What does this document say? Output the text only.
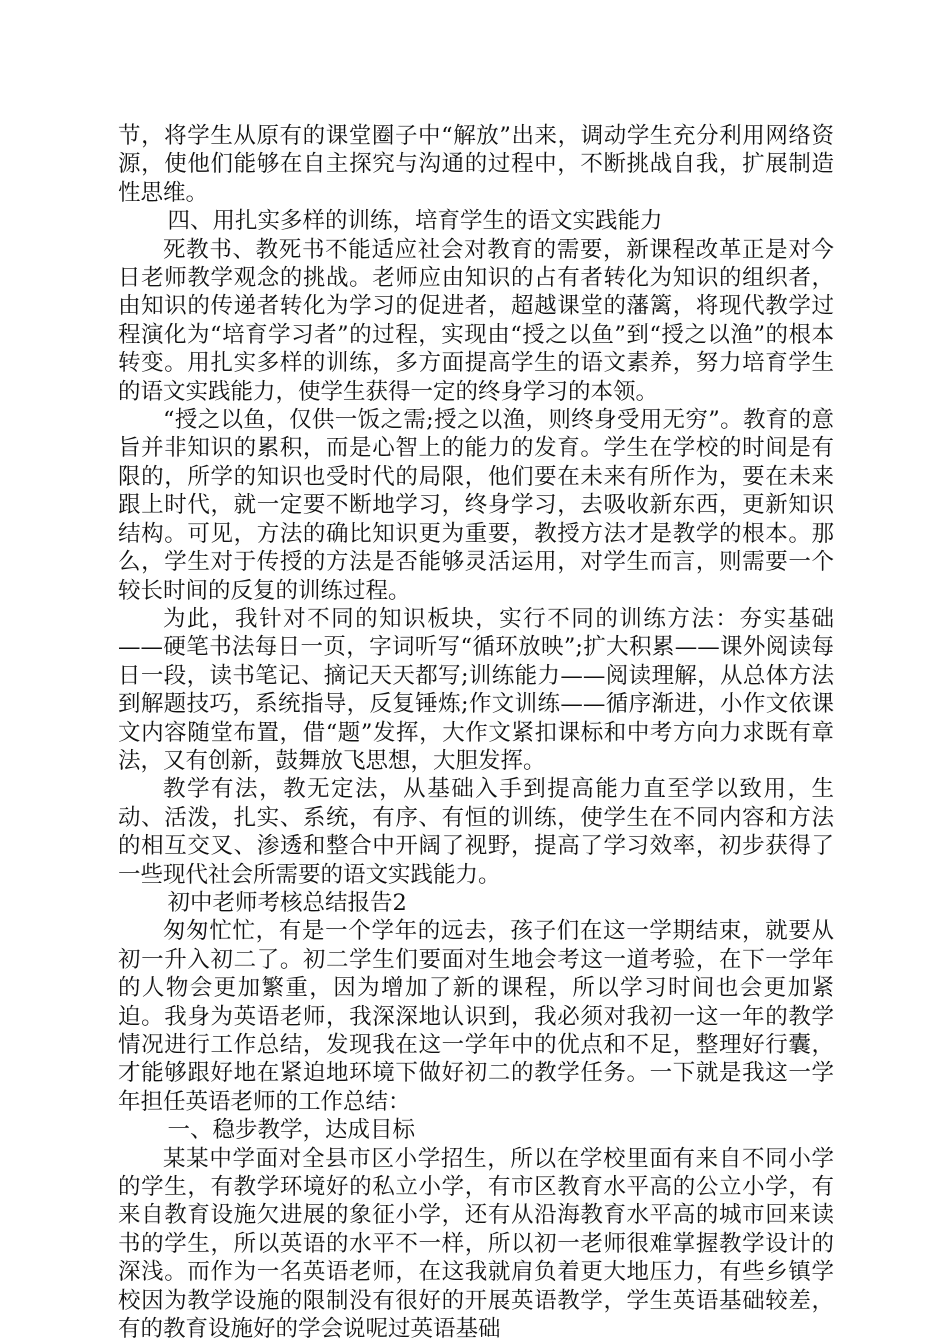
节，将学生从原有的课堂圈子中“解放”出来，调动学生充分利用网络资源，使他们能够在自主探究与沟通的过程中，不断挑战自我，扩展制造性思维。

四、用扎实多样的训练，培育学生的语文实践能力

死教书、教死书不能适应社会对教育的需要，新课程改革正是对今日老师教学观念的挑战。老师应由知识的占有者转化为知识的组织者，由知识的传递者转化为学习的促进者，超越课堂的藩篱，将现代教学过程演化为“培育学习者”的过程，实现由“授之以鱼”到“授之以渔”的根本转变。用扎实多样的训练，多方面提高学生的语文素养，努力培育学生的语文实践能力，使学生获得一定的终身学习的本领。

“授之以鱼，仅供一饭之需;授之以渔，则终身受用无穷”。教育的意旨并非知识的累积，而是心智上的能力的发育。学生在学校的时间是有限的，所学的知识也受时代的局限，他们要在未来有所作为，要在未来跟上时代，就一定要不断地学习，终身学习，去吸收新东西，更新知识结构。可见，方法的确比知识更为重要，教授方法才是教学的根本。那么，学生对于传授的方法是否能够灵活运用，对学生而言，则需要一个较长时间的反复的训练过程。

为此，我针对不同的知识板块，实行不同的训练方法：夯实基础——硬笔书法每日一页，字词听写“循环放映”;扩大积累——课外阅读每日一段，读书笔记、摘记天天都写;训练能力——阅读理解，从总体方法到解题技巧，系统指导，反复锤炼;作文训练——循序渐进，小作文依课文内容随堂布置，借“题”发挥，大作文紧扣课标和中考方向力求既有章法，又有创新，鼓舞放飞思想，大胆发挥。

教学有法，教无定法，从基础入手到提高能力直至学以致用，生动、活泼，扎实、系统，有序、有恒的训练，使学生在不同内容和方法的相互交叉、渗透和整合中开阔了视野，提高了学习效率，初步获得了一些现代社会所需要的语文实践能力。

初中老师考核总结报告2

匆匆忙忙，有是一个学年的远去，孩子们在这一学期结束，就要从初一升入初二了。初二学生们要面对生地会考这一道考验，在下一学年的人物会更加繁重，因为增加了新的课程，所以学习时间也会更加紧迫。我身为英语老师，我深深地认识到，我必须对我初一这一年的教学情况进行工作总结，发现我在这一学年中的优点和不足，整理好行囊，才能够跟好地在紧迫地环境下做好初二的教学任务。一下就是我这一学年担任英语老师的工作总结：

一、稳步教学，达成目标

某某中学面对全县市区小学招生，所以在学校里面有来自不同小学的学生，有教学环境好的私立小学，有市区教育水平高的公立小学，有来自教育设施欠进展的象征小学，还有从沿海教育水平高的城市回来读书的学生，所以英语的水平不一样，所以初一老师很难掌握教学设计的深浅。而作为一名英语老师，在这我就肩负着更大地压力，有些乡镇学校因为教学设施的限制没有很好的开展英语教学，学生英语基础较差，有的教育设施好的学会说呢过英语基础
